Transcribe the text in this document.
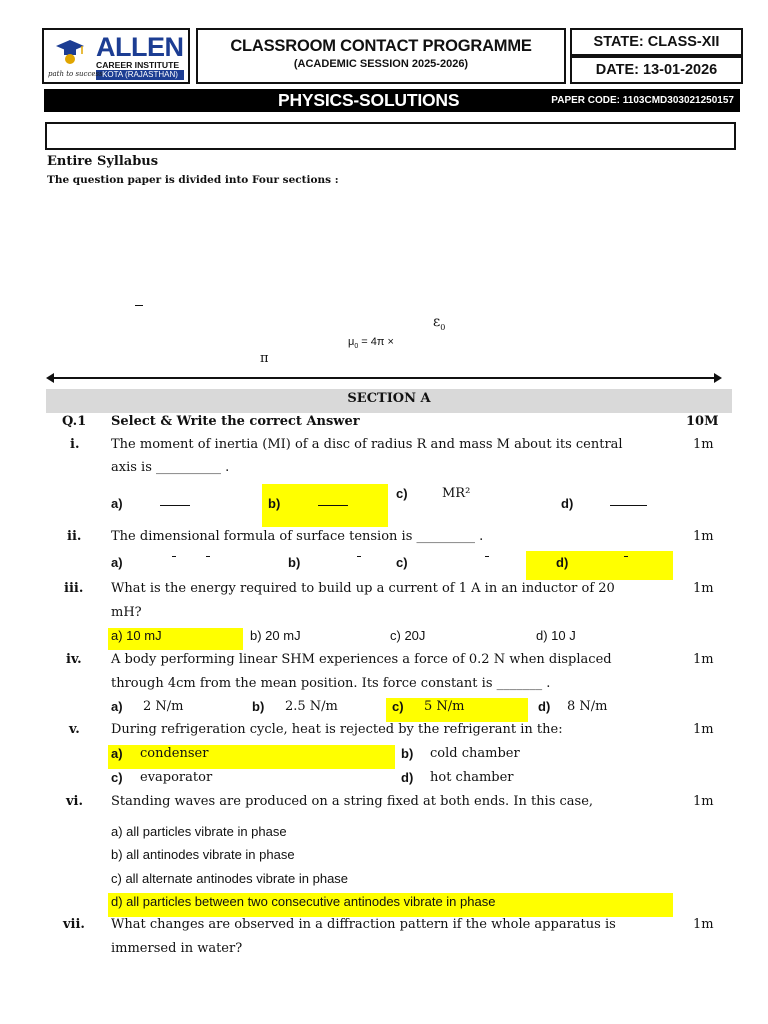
ALLEN
CAREER INSTITUTE
KOTA (RAJASTHAN)
path to success
CLASSROOM CONTACT PROGRAMME
(ACADEMIC SESSION 2025-2026)
STATE: CLASS-XII
DATE: 13-01-2026
PHYSICS-SOLUTIONS	PAPER CODE: 1103CMD303021250157
Entire Syllabus
The question paper is divided into Four sections :
$\varepsilon_0$
$\mu_0 = 4\pi$ ×
π
SECTION A
Q.1 Select & Write the correct Answer	10M
i. The moment of inertia (MI) of a disc of radius R and mass M about its central	1m
axis is __________ .
a)	b)
c)	MR²
d)
ii. The dimensional formula of surface tension is _________ .	1m
a)	b)	c)	d)
iii. What is the energy required to build up a current of 1 A in an inductor of 20	1m
mH?
a) 10 mJ	b) 20 mJ	c) 20J	d) 10 J
iv. A body performing linear SHM experiences a force of 0.2 N when displaced	1m
through 4cm from the mean position. Its force constant is _______ .
a) 2 N/m	b) 2.5 N/m	c) 5 N/m	d) 8 N/m
v. During refrigeration cycle, heat is rejected by the refrigerant in the:	1m
a) condenser	b) cold chamber
c) evaporator	d) hot chamber
vi. Standing waves are produced on a string fixed at both ends. In this case,	1m
a) all particles vibrate in phase
b) all antinodes vibrate in phase
c) all alternate antinodes vibrate in phase
d) all particles between two consecutive antinodes vibrate in phase
vii. What changes are observed in a diffraction pattern if the whole apparatus is	1m
immersed in water?
